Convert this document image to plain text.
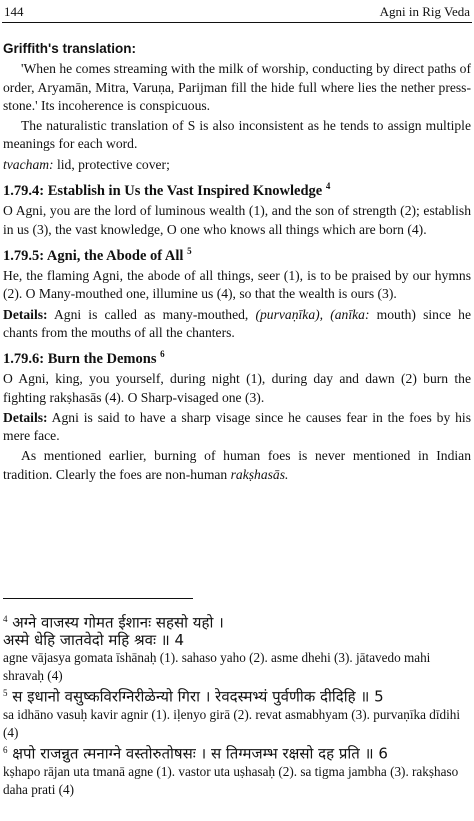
144	Agni in Rig Veda
Griffith's translation:

'When he comes streaming with the milk of worship, conducting by direct paths of order, Aryamān, Mitra, Varuṇa, Parijman fill the hide full where lies the nether press-stone.' Its incoherence is conspicuous.

The naturalistic translation of S is also inconsistent as he tends to assign multiple meanings for each word.

tvacham: lid, protective cover;

1.79.4: Establish in Us the Vast Inspired Knowledge $^4$

O Agni, you are the lord of luminous wealth (1), and the son of strength (2); establish in us (3), the vast knowledge, O one who knows all things which are born (4).

1.79.5: Agni, the Abode of All $^5$

He, the flaming Agni, the abode of all things, seer (1), is to be praised by our hymns (2). O Many-mouthed one, illumine us (4), so that the wealth is ours (3).

Details: Agni is called as many-mouthed, (purvaṇīka), (anīka: mouth) since he chants from the mouths of all the chanters.

1.79.6: Burn the Demons $^6$

O Agni, king, you yourself, during night (1), during day and dawn (2) burn the fighting rakṣhasās (4). O Sharp-visaged one (3).

Details: Agni is said to have a sharp visage since he causes fear in the foes by his mere face.

As mentioned earlier, burning of human foes is never mentioned in Indian tradition. Clearly the foes are non-human rakṣhasās.

$^4$ अग्ने वाजस्य गोमत ईशानः सहसो यहो ।
अस्मे धेहि जातवेदो महि श्रवः ॥ 4
agne vājasya gomata īshānaḥ (1). sahaso yaho (2). asme dhehi (3). jātavedo mahi shravaḥ (4)
$^5$ स इधानो वसुष्कविरग्निरीळेन्यो गिरा । रेवदस्मभ्यं पुर्वणीक दीदिहि ॥ 5
sa idhāno vasuḥ kavir agnir (1). iḷenyo girā (2). revat asmabhyam (3). purvaṇīka dīdihi (4)
$^6$ क्षपो राजन्नुत त्मनाग्ने वस्तोरुतोषसः । स तिग्मजम्भ रक्षसो दह प्रति ॥ 6
kṣhapo rājan uta tmanā agne (1). vastor uta uṣhasaḥ (2). sa tigma jambha (3). rakṣhaso daha prati (4)
